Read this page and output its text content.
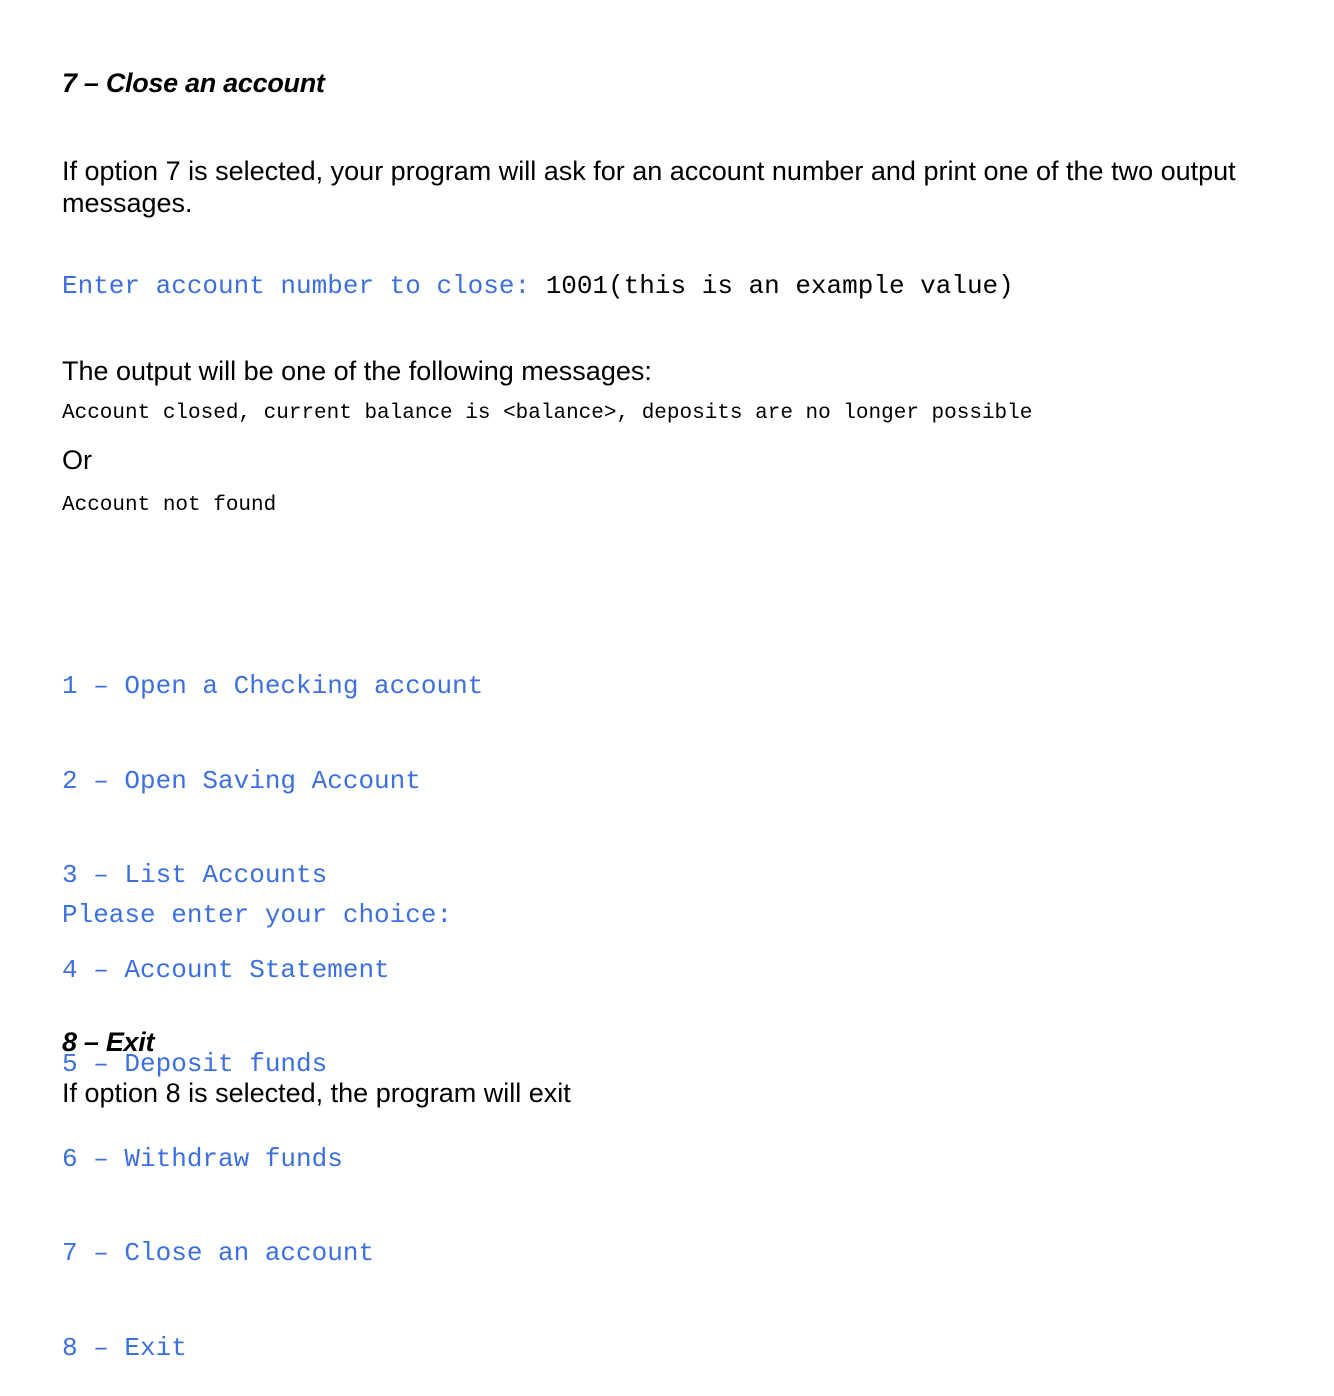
7 – Close an account
If option 7 is selected, your program will ask for an account number and print one of the two output messages.
Enter account number to close: 1001(this is an example value)
The output will be one of the following messages:
Account closed, current balance is <balance>, deposits are no longer possible
Or
Account not found

1 – Open a Checking account

2 – Open Saving Account

3 – List Accounts

4 – Account Statement

5 – Deposit funds

6 – Withdraw funds

7 – Close an account

8 – Exit

Please enter your choice:
8 – Exit
If option 8 is selected, the program will exit
